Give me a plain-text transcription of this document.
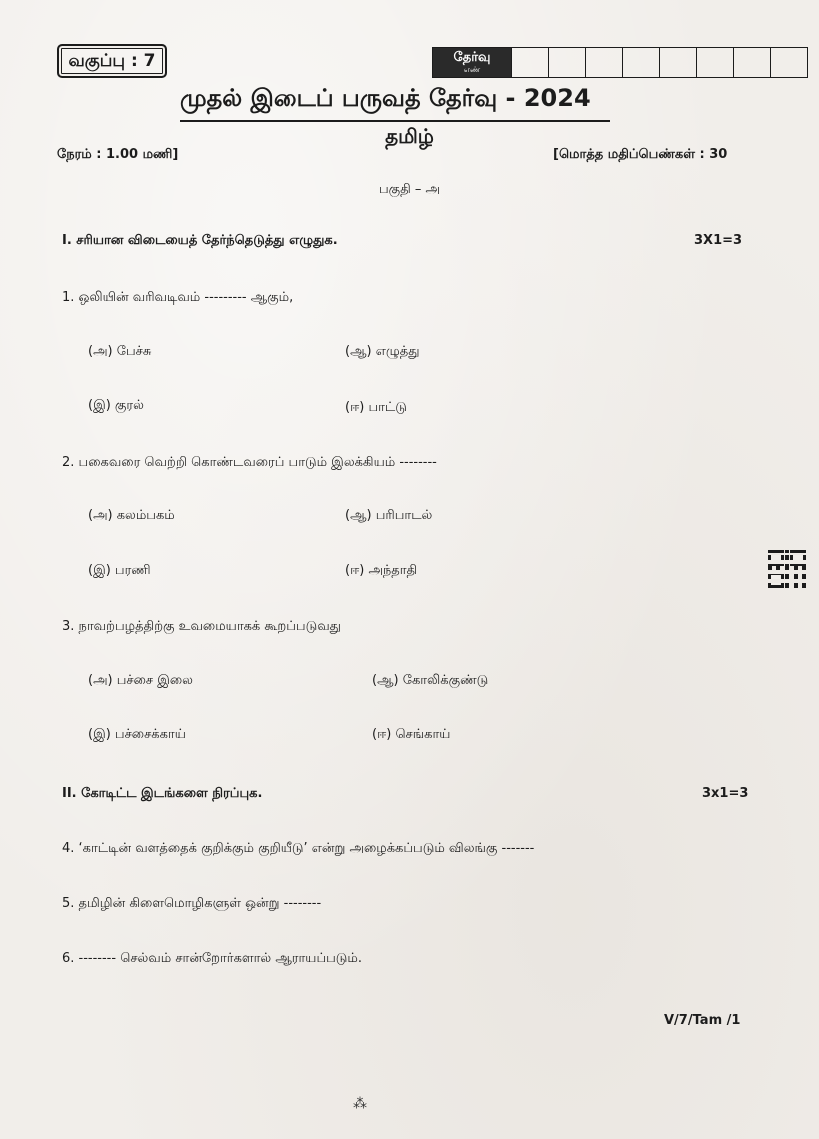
வகுப்பு : 7	தேர்வு
எண்
முதல் இடைப் பருவத் தேர்வு - 2024
தமிழ்
நேரம் : 1.00 மணி]	[மொத்த மதிப்பெண்கள் : 30
பகுதி – அ
I. சரியான விடையைத் தேர்ந்தெடுத்து எழுதுக.	3X1=3
1. ஒலியின் வரிவடிவம் --------- ஆகும்,
(அ) பேச்சு	(ஆ) எழுத்து
(இ) குரல்	(ஈ) பாட்டு
2. பகைவரை வெற்றி கொண்டவரைப் பாடும் இலக்கியம் --------
(அ) கலம்பகம்	(ஆ) பரிபாடல்
(இ) பரணி	(ஈ) அந்தாதி
3. நாவற்பழத்திற்கு உவமையாகக் கூறப்படுவது
(அ) பச்சை இலை	(ஆ) கோலிக்குண்டு
(இ) பச்சைக்காய்	(ஈ) செங்காய்
II. கோடிட்ட இடங்களை நிரப்புக.	3x1=3
4. ‘காட்டின் வளத்தைக் குறிக்கும் குறியீடு’ என்று அழைக்கப்படும் விலங்கு -------
5. தமிழின் கிளைமொழிகளுள் ஒன்று --------
6. -------- செல்வம் சான்றோர்களால் ஆராயப்படும்.
V/7/Tam /1
⁂
